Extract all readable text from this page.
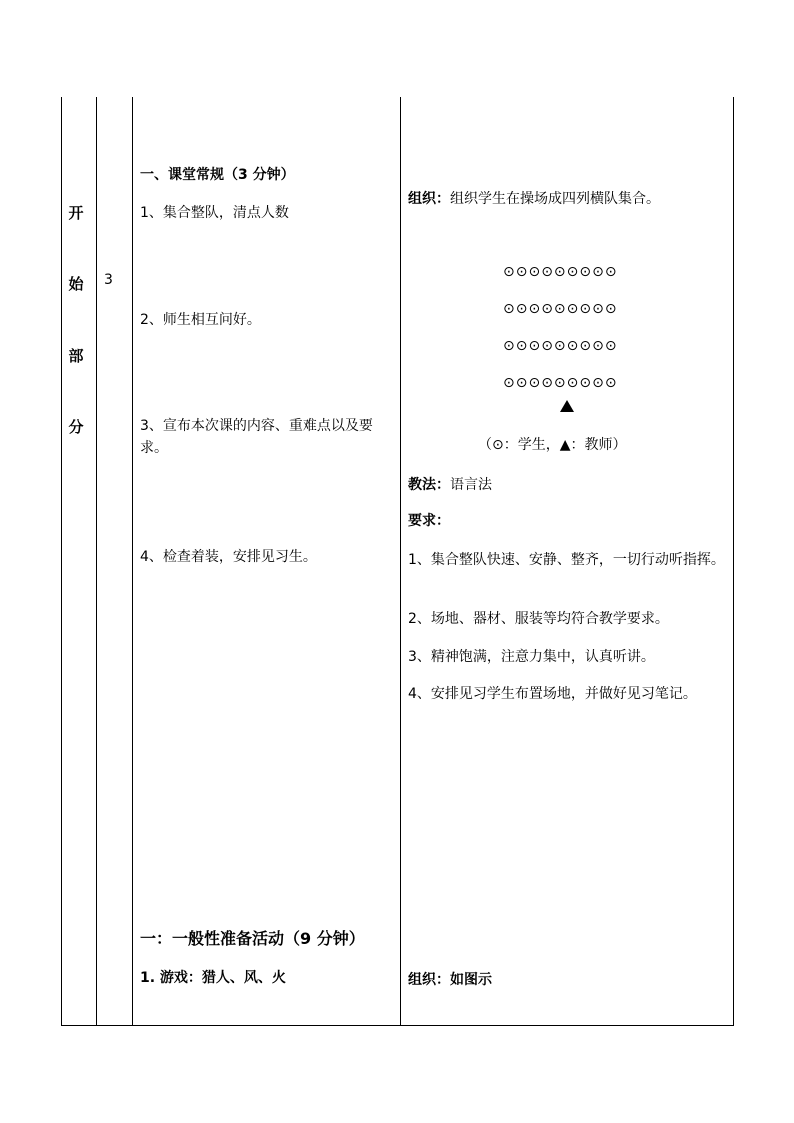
开
始
部
分
3
一、课堂常规（3 分钟）
1、集合整队，清点人数
2、师生相互问好。
3、宣布本次课的内容、重难点以及要求。
4、检查着装，安排见习生。
一：一般性准备活动（9 分钟）
1. 游戏：猎人、风、火
组织：组织学生在操场成四列横队集合。
⊙⊙⊙⊙⊙⊙⊙⊙⊙
⊙⊙⊙⊙⊙⊙⊙⊙⊙
⊙⊙⊙⊙⊙⊙⊙⊙⊙
⊙⊙⊙⊙⊙⊙⊙⊙⊙
（⊙：学生，▲：教师）
教法：语言法
要求：
1、集合整队快速、安静、整齐，一切行动听指挥。
2、场地、器材、服装等均符合教学要求。
3、精神饱满，注意力集中，认真听讲。
4、安排见习学生布置场地，并做好见习笔记。
组织：如图示
